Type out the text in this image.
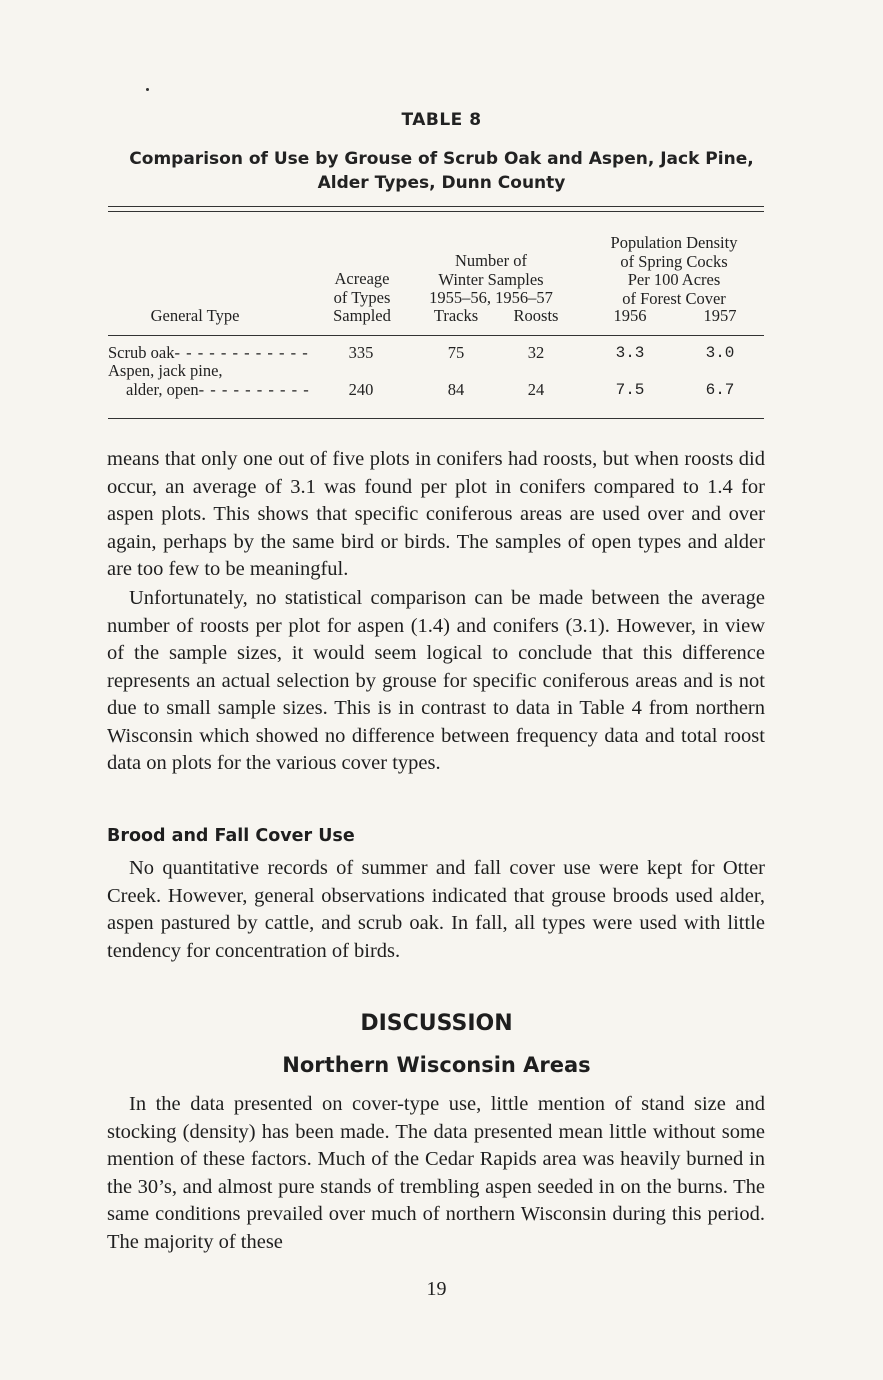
TABLE 8
Comparison of Use by Grouse of Scrub Oak and Aspen, Jack Pine, Alder Types, Dunn County
General Type
Acreage
of Types
Sampled
Number of
Winter Samples
1955–56, 1956–57
Tracks	Roosts
Population Density
of Spring Cocks
Per 100 Acres
of Forest Cover
1956	1957
Scrub oak- - - - - - - - - - - -	335	75	32	3.3	3.0
Aspen, jack pine,
alder, open- - - - - - - - - -	240	84	24	7.5	6.7

means that only one out of five plots in conifers had roosts, but when roosts did occur, an average of 3.1 was found per plot in conifers compared to 1.4 for aspen plots. This shows that specific coniferous areas are used over and over again, perhaps by the same bird or birds. The samples of open types and alder are too few to be meaningful.

Unfortunately, no statistical comparison can be made between the average number of roosts per plot for aspen (1.4) and conifers (3.1). However, in view of the sample sizes, it would seem logical to conclude that this difference represents an actual selection by grouse for specific coniferous areas and is not due to small sample sizes. This is in contrast to data in Table 4 from northern Wisconsin which showed no difference between frequency data and total roost data on plots for the various cover types.

Brood and Fall Cover Use

No quantitative records of summer and fall cover use were kept for Otter Creek. However, general observations indicated that grouse broods used alder, aspen pastured by cattle, and scrub oak. In fall, all types were used with little tendency for concentration of birds.

DISCUSSION
Northern Wisconsin Areas

In the data presented on cover-type use, little mention of stand size and stocking (density) has been made. The data presented mean little without some mention of these factors. Much of the Cedar Rapids area was heavily burned in the 30’s, and almost pure stands of trembling aspen seeded in on the burns. The same conditions prevailed over much of northern Wisconsin during this period. The majority of these

19
